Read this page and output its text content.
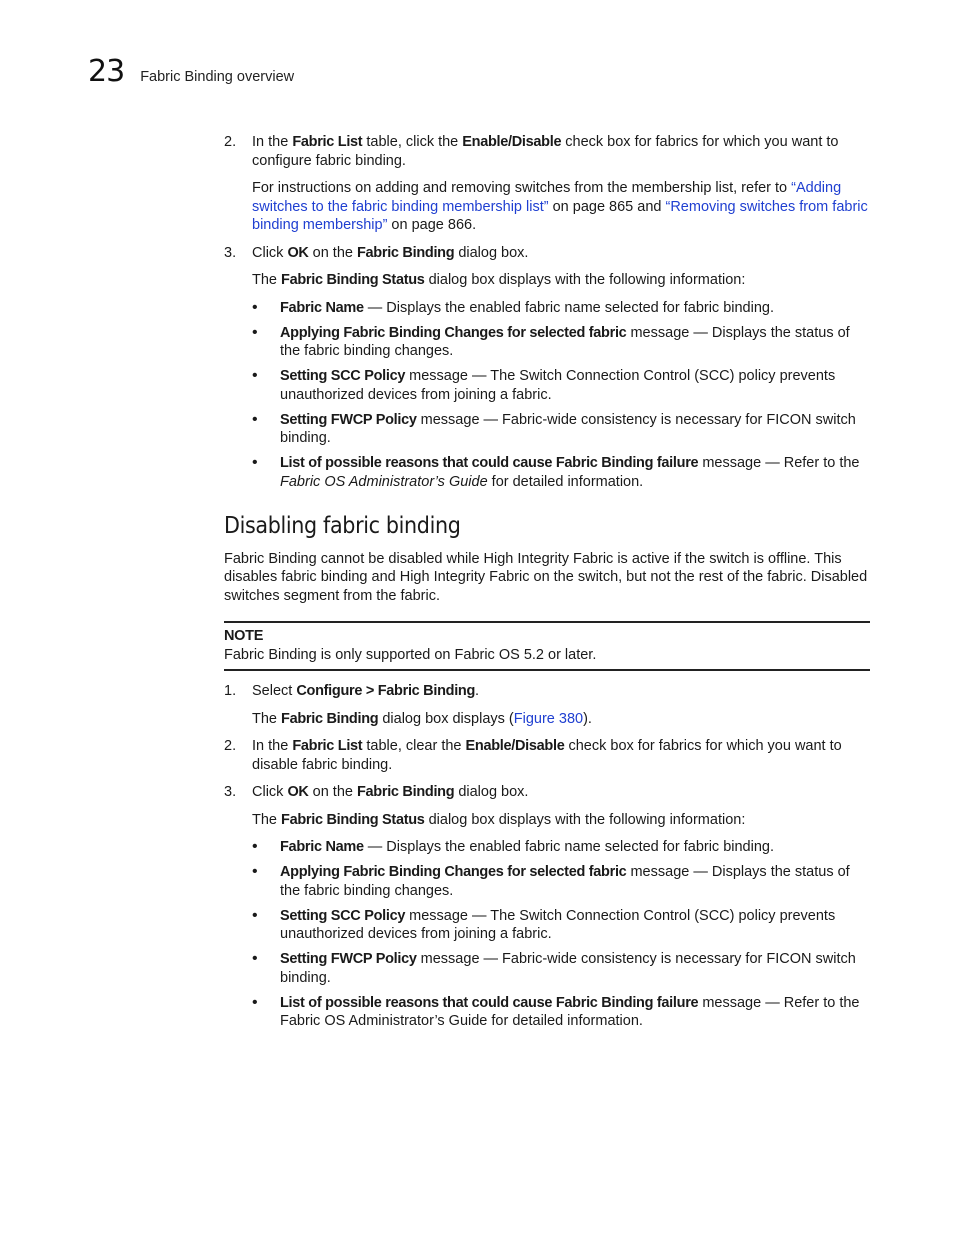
23 Fabric Binding overview
2. In the Fabric List table, click the Enable/Disable check box for fabrics for which you want to configure fabric binding.
For instructions on adding and removing switches from the membership list, refer to “Adding switches to the fabric binding membership list” on page 865 and “Removing switches from fabric binding membership” on page 866.
3. Click OK on the Fabric Binding dialog box.
The Fabric Binding Status dialog box displays with the following information:
• Fabric Name — Displays the enabled fabric name selected for fabric binding.
• Applying Fabric Binding Changes for selected fabric message — Displays the status of the fabric binding changes.
• Setting SCC Policy message — The Switch Connection Control (SCC) policy prevents unauthorized devices from joining a fabric.
• Setting FWCP Policy message — Fabric-wide consistency is necessary for FICON switch binding.
• List of possible reasons that could cause Fabric Binding failure message — Refer to the Fabric OS Administrator’s Guide for detailed information.
Disabling fabric binding
Fabric Binding cannot be disabled while High Integrity Fabric is active if the switch is offline. This disables fabric binding and High Integrity Fabric on the switch, but not the rest of the fabric. Disabled switches segment from the fabric.
NOTE
Fabric Binding is only supported on Fabric OS 5.2 or later.
1. Select Configure > Fabric Binding.
The Fabric Binding dialog box displays (Figure 380).
2. In the Fabric List table, clear the Enable/Disable check box for fabrics for which you want to disable fabric binding.
3. Click OK on the Fabric Binding dialog box.
The Fabric Binding Status dialog box displays with the following information:
• Fabric Name — Displays the enabled fabric name selected for fabric binding.
• Applying Fabric Binding Changes for selected fabric message — Displays the status of the fabric binding changes.
• Setting SCC Policy message — The Switch Connection Control (SCC) policy prevents unauthorized devices from joining a fabric.
• Setting FWCP Policy message — Fabric-wide consistency is necessary for FICON switch binding.
• List of possible reasons that could cause Fabric Binding failure message — Refer to the Fabric OS Administrator’s Guide for detailed information.
